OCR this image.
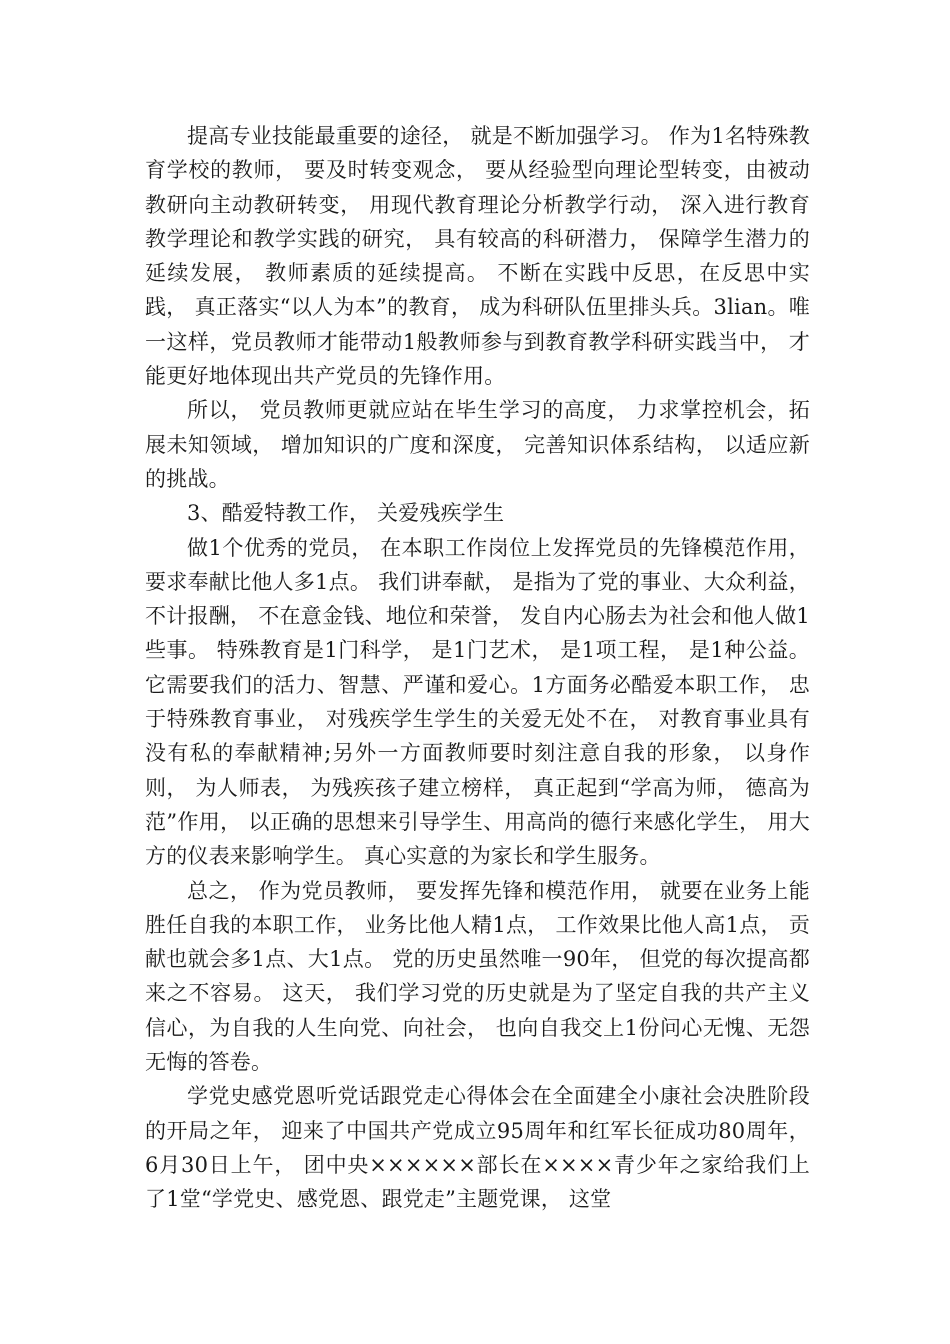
提高专业技能最重要的途径， 就是不断加强学习。 作为1名特殊教育学校的教师， 要及时转变观念， 要从经验型向理论型转变，由被动教研向主动教研转变， 用现代教育理论分析教学行动， 深入进行教育教学理论和教学实践的研究， 具有较高的科研潜力， 保障学生潜力的延续发展， 教师素质的延续提高。 不断在实践中反思，在反思中实践， 真正落实“以人为本”的教育， 成为科研队伍里排头兵。3lian。唯一这样，党员教师才能带动1般教师参与到教育教学科研实践当中， 才能更好地体现出共产党员的先锋作用。

所以， 党员教师更就应站在毕生学习的高度， 力求掌控机会，拓展未知领域， 增加知识的广度和深度， 完善知识体系结构， 以适应新的挑战。

3、酷爱特教工作， 关爱残疾学生

做1个优秀的党员， 在本职工作岗位上发挥党员的先锋模范作用， 要求奉献比他人多1点。 我们讲奉献， 是指为了党的事业、大众利益， 不计报酬， 不在意金钱、地位和荣誉， 发自内心肠去为社会和他人做1些事。 特殊教育是1门科学， 是1门艺术， 是1项工程， 是1种公益。 它需要我们的活力、智慧、严谨和爱心。1方面务必酷爱本职工作， 忠于特殊教育事业， 对残疾学生学生的关爱无处不在， 对教育事业具有没有私的奉献精神;另外一方面教师要时刻注意自我的形象， 以身作则， 为人师表， 为残疾孩子建立榜样， 真正起到“学高为师， 德高为范”作用， 以正确的思想来引导学生、用高尚的德行来感化学生， 用大方的仪表来影响学生。 真心实意的为家长和学生服务。

总之， 作为党员教师， 要发挥先锋和模范作用， 就要在业务上能胜任自我的本职工作， 业务比他人精1点， 工作效果比他人高1点， 贡献也就会多1点、大1点。 党的历史虽然唯一90年， 但党的每次提高都来之不容易。 这天， 我们学习党的历史就是为了坚定自我的共产主义信心，为自我的人生向党、向社会， 也向自我交上1份问心无愧、无怨无悔的答卷。

学党史感党恩听党话跟党走心得体会在全面建全小康社会决胜阶段的开局之年， 迎来了中国共产党成立95周年和红军长征成功80周年， 6月30日上午， 团中央××××××部长在××××青少年之家给我们上了1堂“学党史、感党恩、跟党走”主题党课， 这堂
